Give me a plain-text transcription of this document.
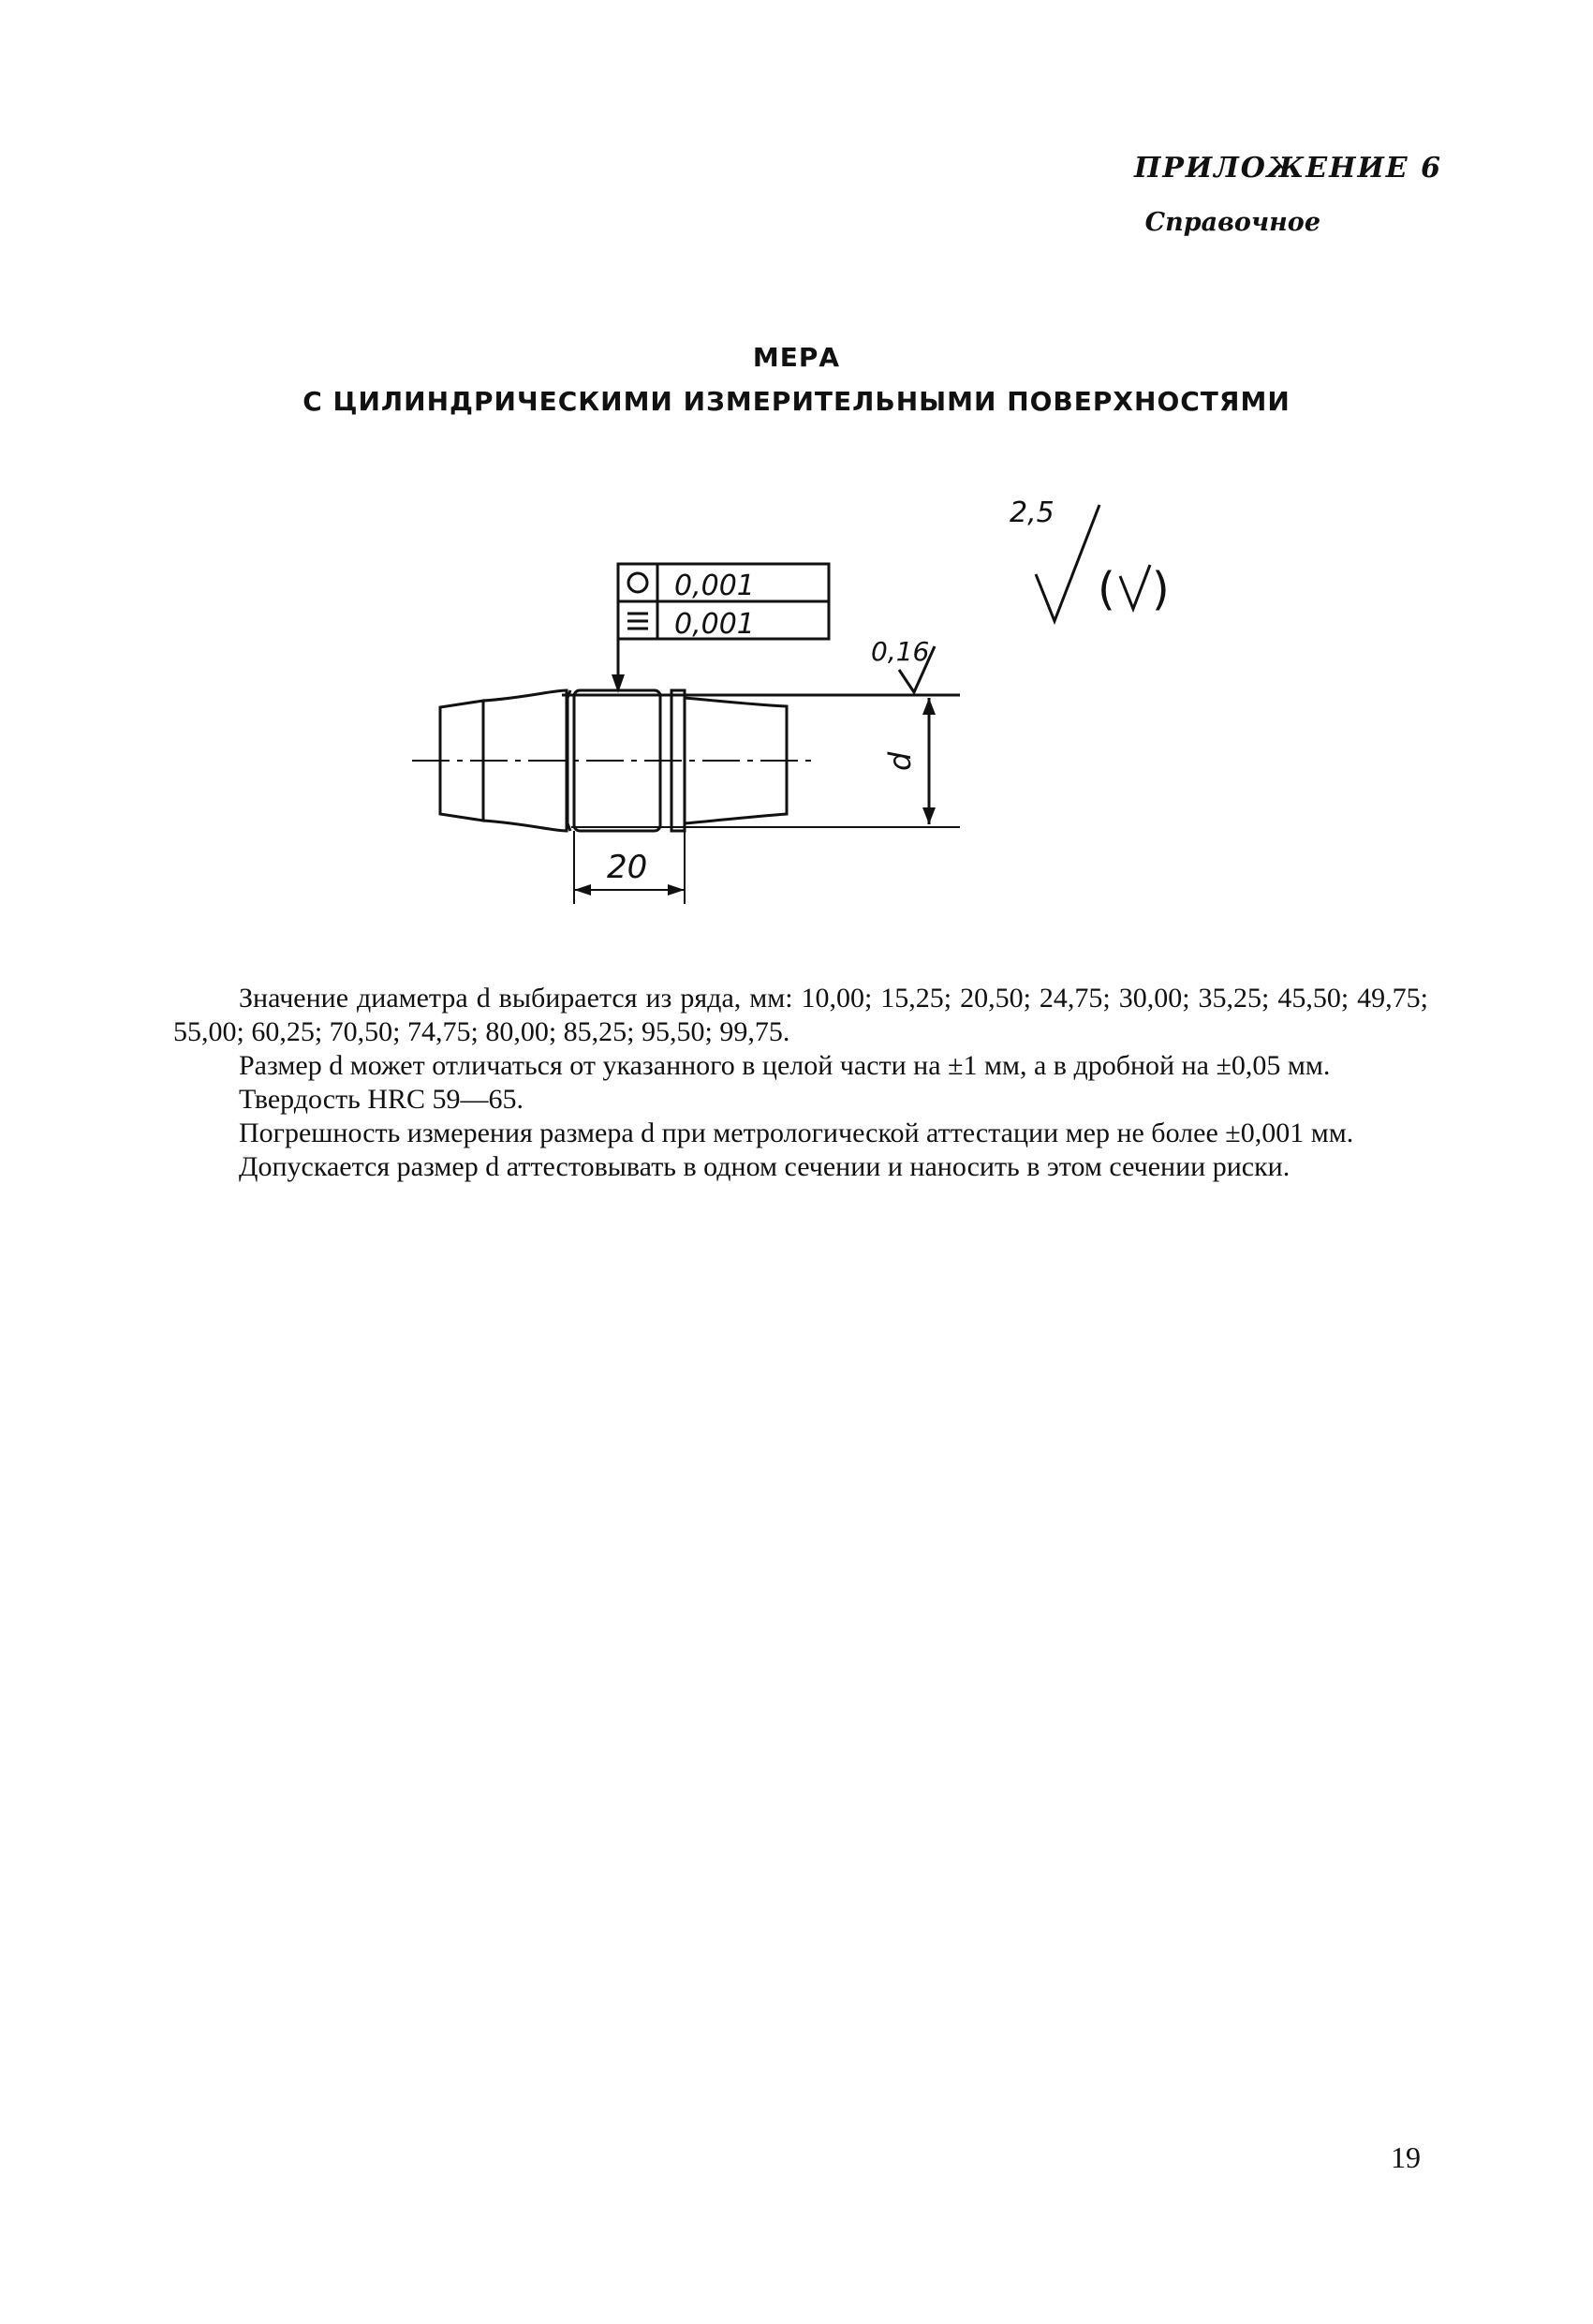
ПРИЛОЖЕНИЕ 6
Справочное
МЕРА
С ЦИЛИНДРИЧЕСКИМИ ИЗМЕРИТЕЛЬНЫМИ ПОВЕРХНОСТЯМИ
2,5
( )
0,001
0,001
0,16
d
20

Значение диаметра d выбирается из ряда, мм: 10,00; 15,25; 20,50; 24,75; 30,00; 35,25; 45,50; 49,75; 55,00; 60,25; 70,50; 74,75; 80,00; 85,25; 95,50; 99,75.

Размер d может отличаться от указанного в целой части на ±1 мм, а в дробной на ±0,05 мм.

Твердость HRC 59—65.

Погрешность измерения размера d при метрологической аттестации мер не более ±0,001 мм.

Допускается размер d аттестовывать в одном сечении и наносить в этом сечении риски.

19
